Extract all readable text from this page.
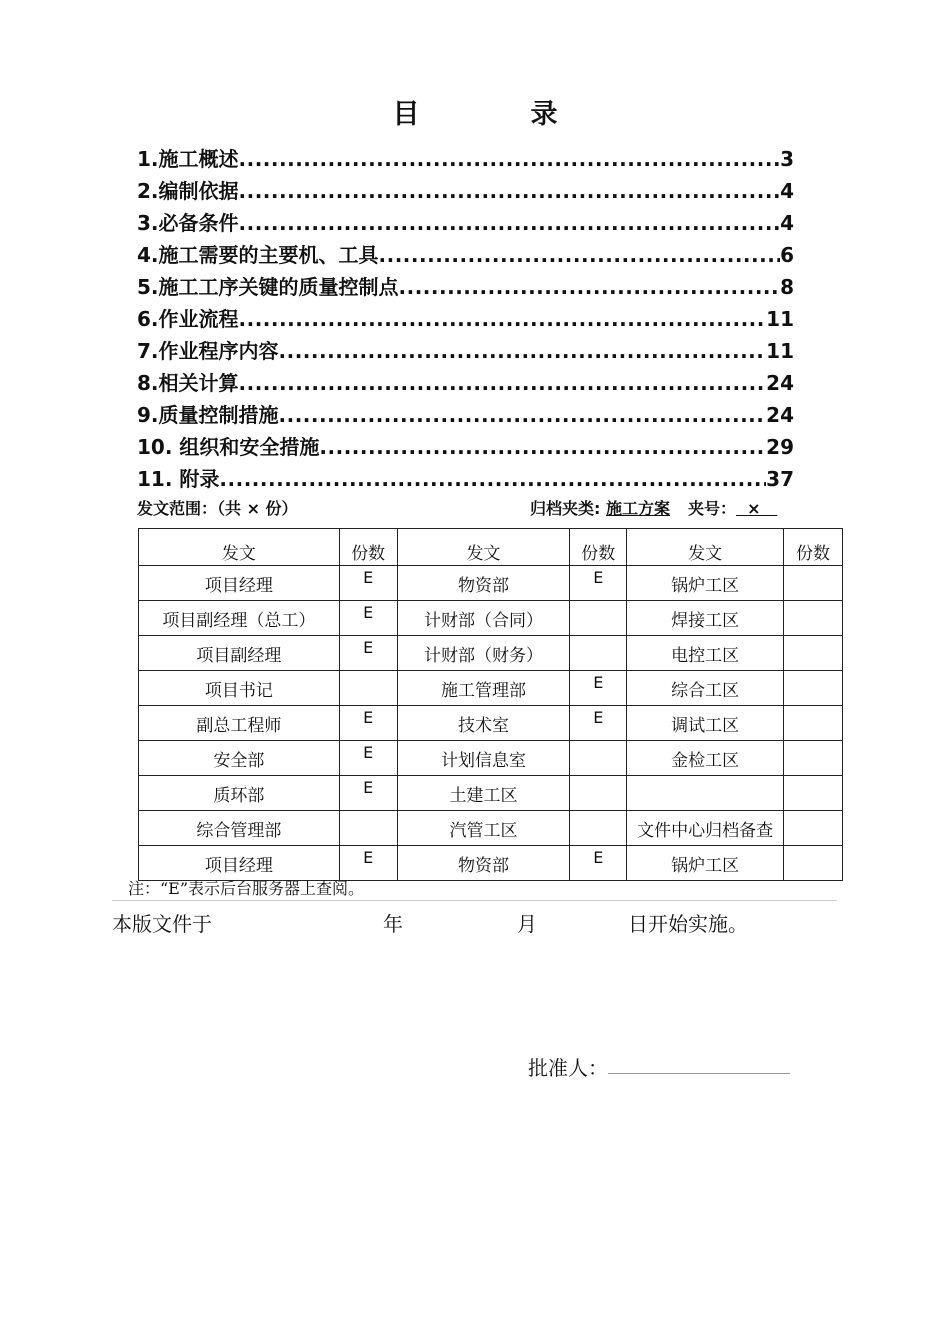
目　录
1.施工概述 .....	3
2.编制依据 .....	4
3.必备条件 .....	4
4.施工需要的主要机、工具 .....	6
5.施工工序关键的质量控制点 .....	8
6.作业流程 .....	11
7.作业程序内容 .....	11
8.相关计算 .....	24
9.质量控制措施 .....	24
10. 组织和安全措施 .....	29
11. 附录 .....	37
发文范围：（共 × 份）	归档夹类: 施工方案 夹号： ×
发文	份数	发文	份数	发文	份数
项目经理	E	物资部	E	锅炉工区	
项目副经理（总工）	E	计财部（合同）		焊接工区	
项目副经理	E	计财部（财务）		电控工区	
项目书记		施工管理部	E	综合工区	
副总工程师	E	技术室	E	调试工区	
安全部	E	计划信息室		金检工区	
质环部	E	土建工区			
综合管理部		汽管工区		文件中心归档备查	
项目经理	E	物资部	E	锅炉工区	
注：“E”表示后台服务器上查阅。
本版文件于	年	月	日开始实施。
批准人：
